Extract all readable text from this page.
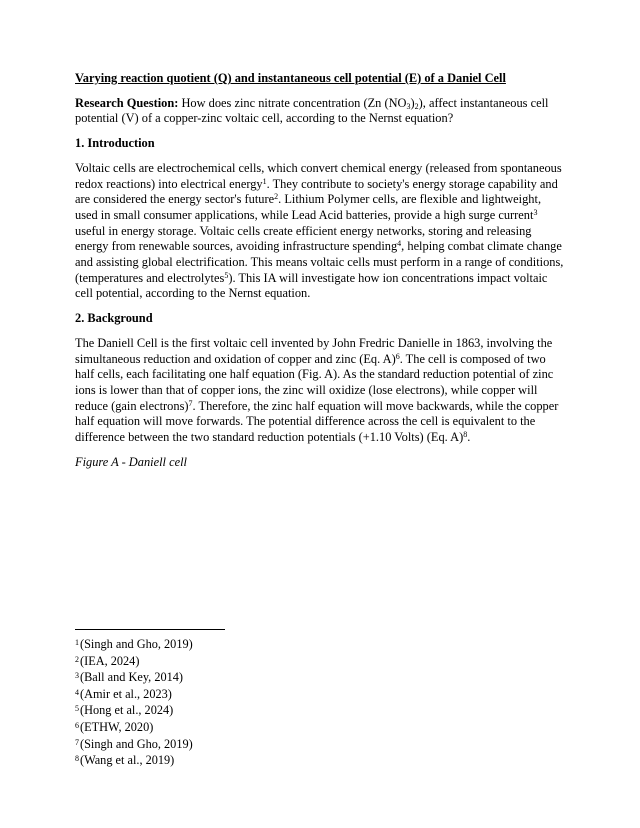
Varying reaction quotient (Q) and instantaneous cell potential (E) of a Daniel Cell
Research Question: How does zinc nitrate concentration (Zn $(NO_3)_2$), affect instantaneous cell potential (V) of a copper-zinc voltaic cell, according to the Nernst equation?
1. Introduction
Voltaic cells are electrochemical cells, which convert chemical energy (released from spontaneous redox reactions) into electrical energy$^1$. They contribute to society's energy storage capability and are considered the energy sector's future$^2$. Lithium Polymer cells, are flexible and lightweight, used in small consumer applications, while Lead Acid batteries, provide a high surge current$^3$ useful in energy storage. Voltaic cells create efficient energy networks, storing and releasing energy from renewable sources, avoiding infrastructure spending$^4$, helping combat climate change and assisting global electrification. This means voltaic cells must perform in a range of conditions, (temperatures and electrolytes$^5$). This IA will investigate how ion concentrations impact voltaic cell potential, according to the Nernst equation.
2. Background
The Daniell Cell is the first voltaic cell invented by John Fredric Danielle in 1863, involving the simultaneous reduction and oxidation of copper and zinc (Eq. A)$^6$. The cell is composed of two half cells, each facilitating one half equation (Fig. A). As the standard reduction potential of zinc ions is lower than that of copper ions, the zinc will oxidize (lose electrons), while copper will reduce (gain electrons)$^7$. Therefore, the zinc half equation will move backwards, while the copper half equation will move forwards. The potential difference across the cell is equivalent to the difference between the two standard reduction potentials (+1.10 Volts) (Eq. A)$^8$.
Figure A - Daniell cell
$^1$(Singh and Gho, 2019)
$^2$(IEA, 2024)
$^3$(Ball and Key, 2014)
$^4$(Amir et al., 2023)
$^5$(Hong et al., 2024)
$^6$(ETHW, 2020)
$^7$(Singh and Gho, 2019)
$^8$(Wang et al., 2019)
